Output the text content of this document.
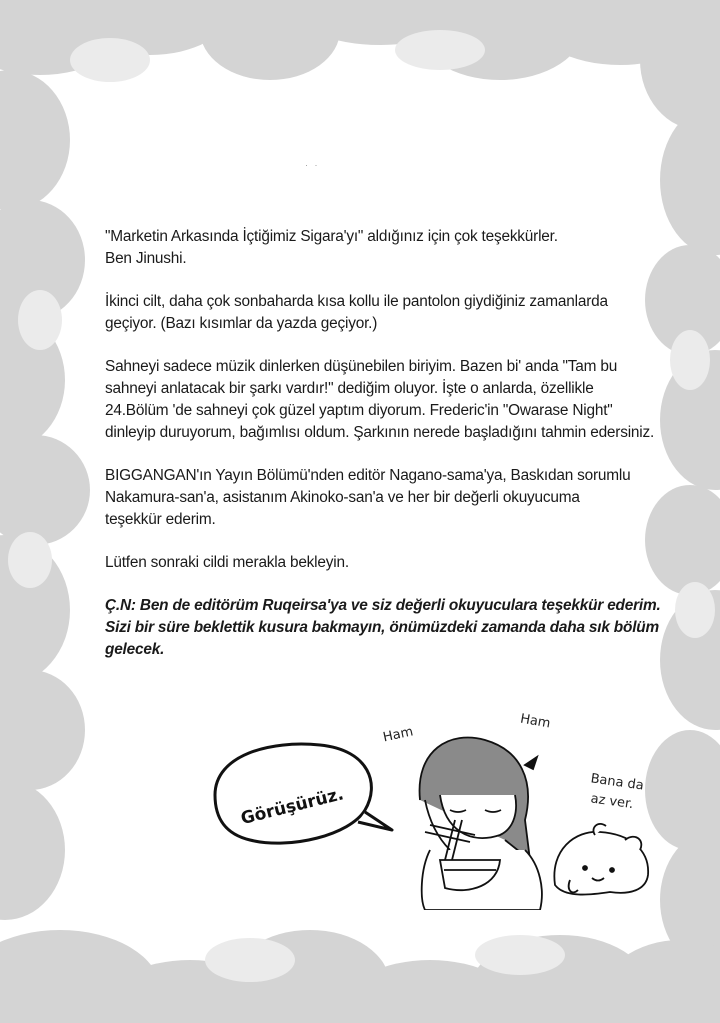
· ·

"Marketin Arkasında İçtiğimiz Sigara'yı" aldığınız için çok teşekkürler.
Ben Jinushi.

İkinci cilt, daha çok sonbaharda kısa kollu ile pantolon giydiğiniz zamanlarda
geçiyor. (Bazı kısımlar da yazda geçiyor.)

Sahneyi sadece müzik dinlerken düşünebilen biriyim. Bazen bi' anda "Tam bu
sahneyi anlatacak bir şarkı vardır!" dediğim oluyor. İşte o anlarda, özellikle
24.Bölüm 'de sahneyi çok güzel yaptım diyorum. Frederic'in "Owarase Night"
dinleyip duruyorum, bağımlısı oldum. Şarkının nerede başladığını tahmin edersiniz.

BIGGANGAN'ın Yayın Bölümü'nden editör Nagano-sama'ya, Baskıdan sorumlu
Nakamura-san'a, asistanım Akinoko-san'a ve her bir değerli okuyucuma
teşekkür ederim.

Lütfen sonraki cildi merakla bekleyin.

Ç.N: Ben de editörüm Ruqeirsa'ya ve siz değerli okuyuculara teşekkür ederim.
Sizi bir süre beklettik kusura bakmayın, önümüzdeki zamanda daha sık bölüm
gelecek.

Görüşürüz.
Ham
Ham
Bana da
az ver.
